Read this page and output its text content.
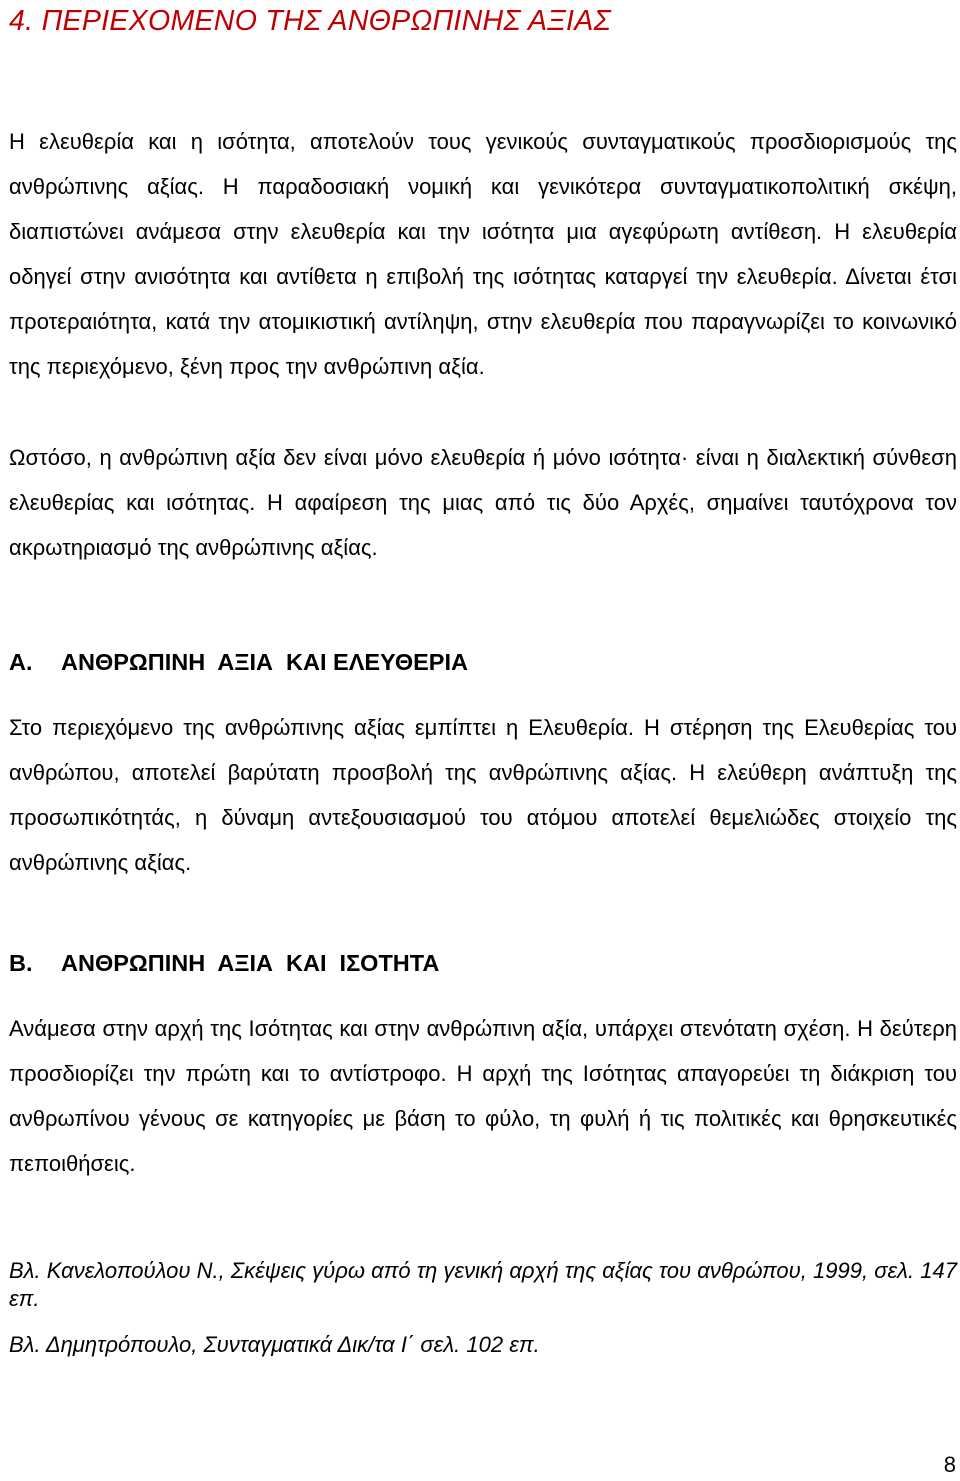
4. ΠΕΡΙΕΧΟΜΕΝΟ ΤΗΣ ΑΝΘΡΩΠΙΝΗΣ ΑΞΙΑΣ

Η ελευθερία και η ισότητα, αποτελούν τους γενικούς συνταγματικούς προσδιορισμούς της ανθρώπινης αξίας. Η παραδοσιακή νομική και γενικότερα συνταγματικοπολιτική σκέψη, διαπιστώνει ανάμεσα στην ελευθερία και την ισότητα μια αγεφύρωτη αντίθεση. Η ελευθερία οδηγεί στην ανισότητα και αντίθετα η επιβολή της ισότητας καταργεί την ελευθερία. Δίνεται έτσι προτεραιότητα, κατά την ατομικιστική αντίληψη, στην ελευθερία που παραγνωρίζει το κοινωνικό της περιεχόμενο, ξένη προς την ανθρώπινη αξία.

Ωστόσο, η ανθρώπινη αξία δεν είναι μόνο ελευθερία ή μόνο ισότητα· είναι η διαλεκτική σύνθεση ελευθερίας και ισότητας. Η αφαίρεση της μιας από τις δύο Αρχές, σημαίνει ταυτόχρονα τον ακρωτηριασμό της ανθρώπινης αξίας.

Α. ΑΝΘΡΩΠΙΝΗ  ΑΞΙΑ  ΚΑΙ ΕΛΕΥΘΕΡΙΑ

Στο περιεχόμενο της ανθρώπινης αξίας εμπίπτει η Ελευθερία. Η στέρηση της Ελευθερίας του ανθρώπου, αποτελεί βαρύτατη προσβολή της ανθρώπινης αξίας. Η ελεύθερη ανάπτυξη της προσωπικότητάς, η δύναμη αντεξουσιασμού του ατόμου αποτελεί θεμελιώδες στοιχείο της ανθρώπινης αξίας.

Β. ΑΝΘΡΩΠΙΝΗ  ΑΞΙΑ  ΚΑΙ  ΙΣΟΤΗΤΑ

Ανάμεσα στην αρχή της Ισότητας και στην ανθρώπινη αξία, υπάρχει στενότατη σχέση. Η δεύτερη προσδιορίζει την πρώτη και το αντίστροφο. Η αρχή της Ισότητας απαγορεύει τη διάκριση του ανθρωπίνου γένους σε κατηγορίες με βάση το φύλο, τη φυλή ή τις πολιτικές και θρησκευτικές πεποιθήσεις.

Βλ. Κανελοπούλου Ν., Σκέψεις γύρω από τη γενική αρχή της αξίας του ανθρώπου, 1999, σελ. 147 επ.

Βλ. Δημητρόπουλο, Συνταγματικά Δικ/τα Ι΄ σελ. 102 επ.

8
